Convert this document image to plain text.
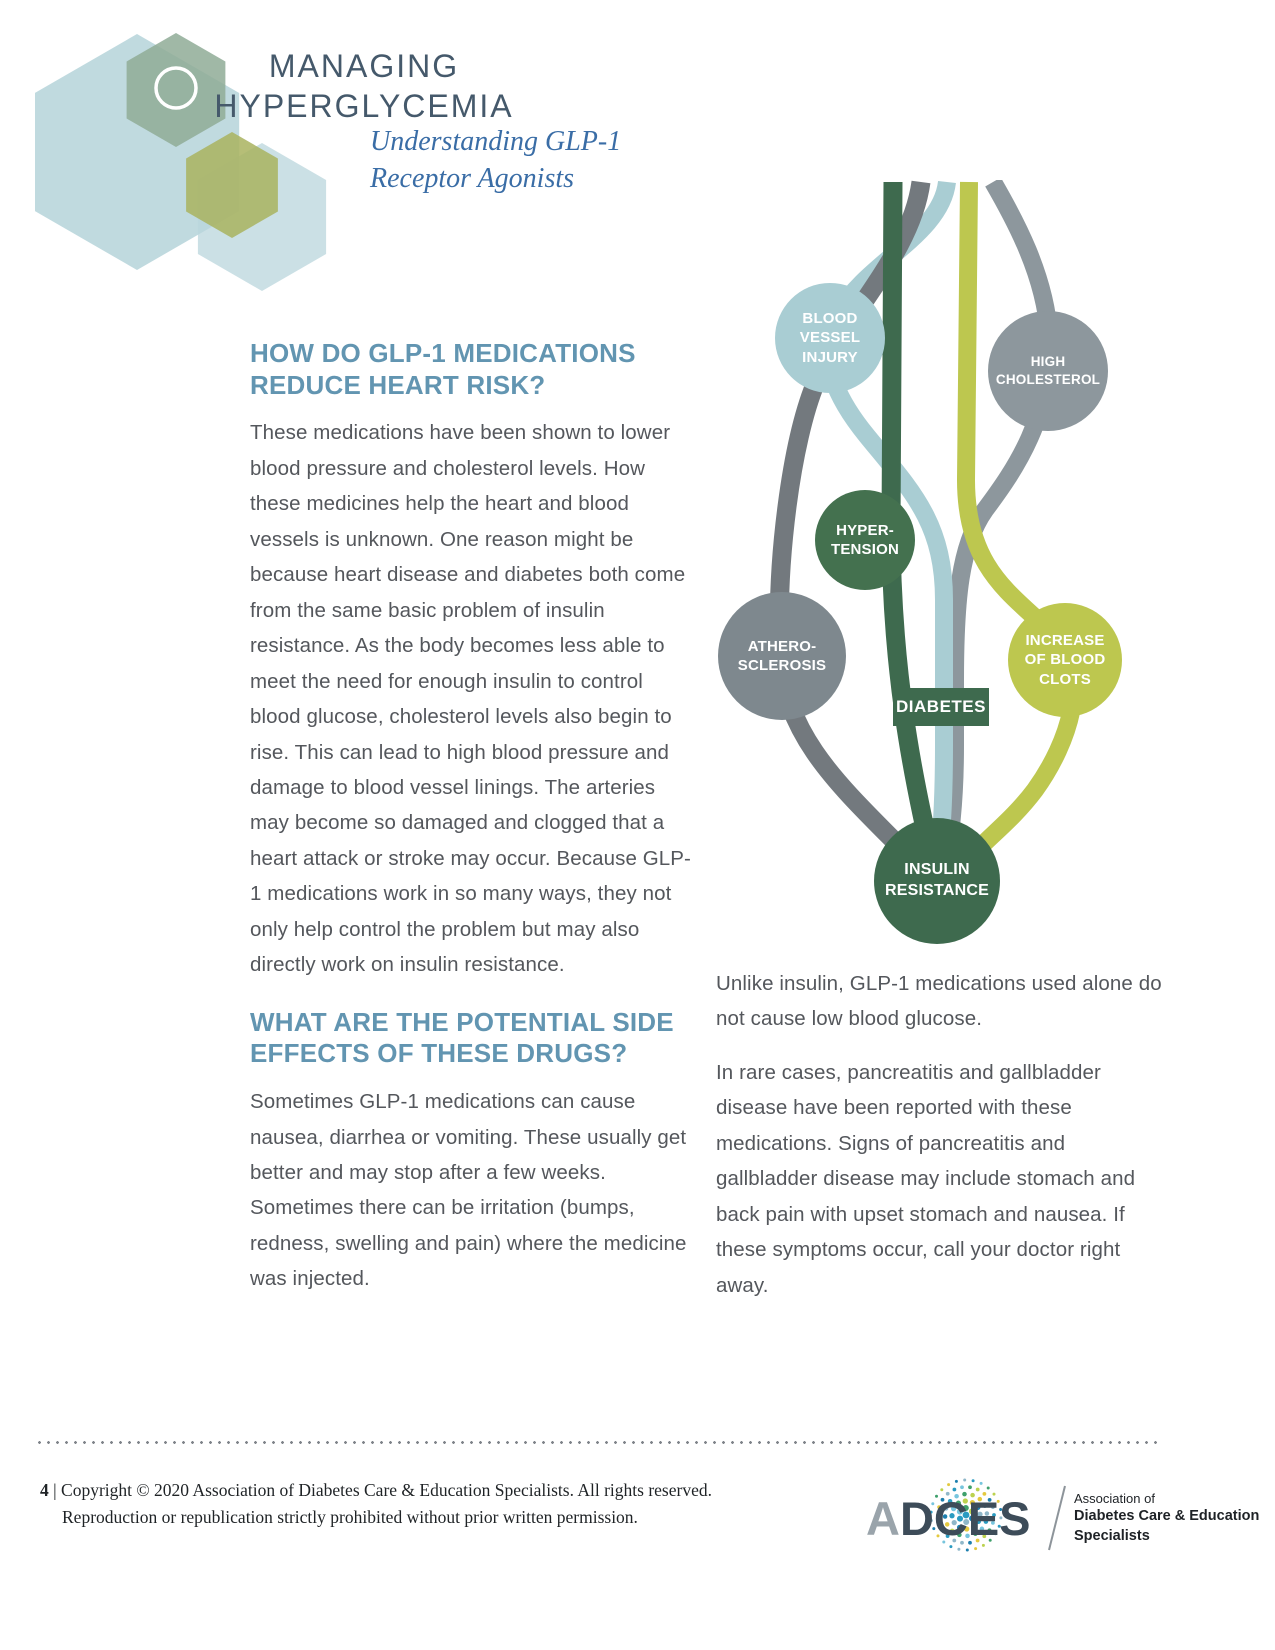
MANAGING
HYPERGLYCEMIA
Understanding GLP-1
Receptor Agonists
HOW DO GLP-1 MEDICATIONS REDUCE HEART RISK?

These medications have been shown to lower blood pressure and cholesterol levels. How these medicines help the heart and blood vessels is unknown. One reason might be because heart disease and diabetes both come from the same basic problem of insulin resistance. As the body becomes less able to meet the need for enough insulin to control blood glucose, cholesterol levels also begin to rise. This can lead to high blood pressure and damage to blood vessel linings. The arteries may become so damaged and clogged that a heart attack or stroke may occur. Because GLP-1 medications work in so many ways, they not only help control the problem but may also directly work on insulin resistance.

WHAT ARE THE POTENTIAL SIDE EFFECTS OF THESE DRUGS?

Sometimes GLP-1 medications can cause nausea, diarrhea or vomiting. These usually get better and may stop after a few weeks. Sometimes there can be irritation (bumps, redness, swelling and pain) where the medicine was injected.

DIABETES
BLOOD VESSEL INJURY	HIGH CHOLESTEROL
HYPER-TENSION
ATHERO-SCLEROSIS
INCREASE OF BLOOD CLOTS
INSULIN RESISTANCE

Unlike insulin, GLP-1 medications used alone do not cause low blood glucose.

In rare cases, pancreatitis and gallbladder disease have been reported with these medications. Signs of pancreatitis and gallbladder disease may include stomach and back pain with upset stomach and nausea. If these symptoms occur, call your doctor right away.

4 | Copyright © 2020 Association of Diabetes Care & Education Specialists. All rights reserved.
Reproduction or republication strictly prohibited without prior written permission.	ADCES	Association of
Diabetes Care & Education
Specialists
